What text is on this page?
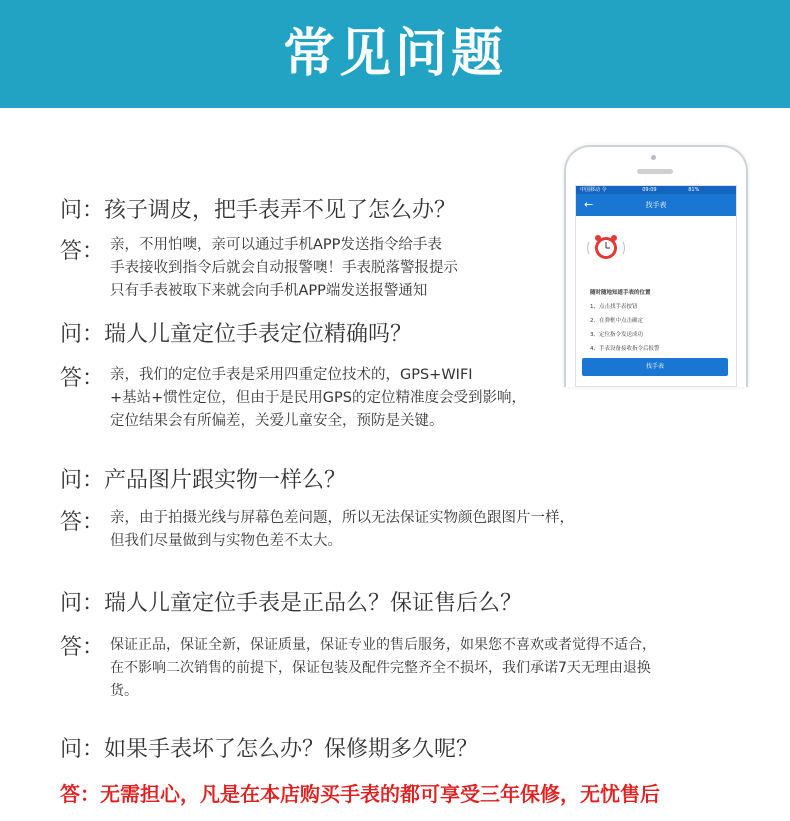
常见问题
中国移动 令	09:09	81%
←	找手表
随时随地知道手表的位置
1、点击找手表按钮
2、在弹框中点击确定
3、定位指令发送成功
4、手表设备接收指令后报警
找手表
问：孩子调皮，把手表弄不见了怎么办？
答： 亲，不用怕噢，亲可以通过手机APP发送指令给手表
手表接收到指令后就会自动报警噢！手表脱落警报提示
只有手表被取下来就会向手机APP端发送报警通知
问：瑞人儿童定位手表定位精确吗？
答： 亲，我们的定位手表是采用四重定位技术的，GPS+WIFI
+基站+惯性定位，但由于是民用GPS的定位精准度会受到影响，
定位结果会有所偏差，关爱儿童安全，预防是关键。
问：产品图片跟实物一样么？
答： 亲，由于拍摄光线与屏幕色差问题，所以无法保证实物颜色跟图片一样，
但我们尽量做到与实物色差不太大。
问：瑞人儿童定位手表是正品么？保证售后么？
答： 保证正品，保证全新，保证质量，保证专业的售后服务，如果您不喜欢或者觉得不适合，
在不影响二次销售的前提下，保证包装及配件完整齐全不损坏，我们承诺7天无理由退换
货。
问：如果手表坏了怎么办？保修期多久呢？
答：无需担心，凡是在本店购买手表的都可享受三年保修，无忧售后
